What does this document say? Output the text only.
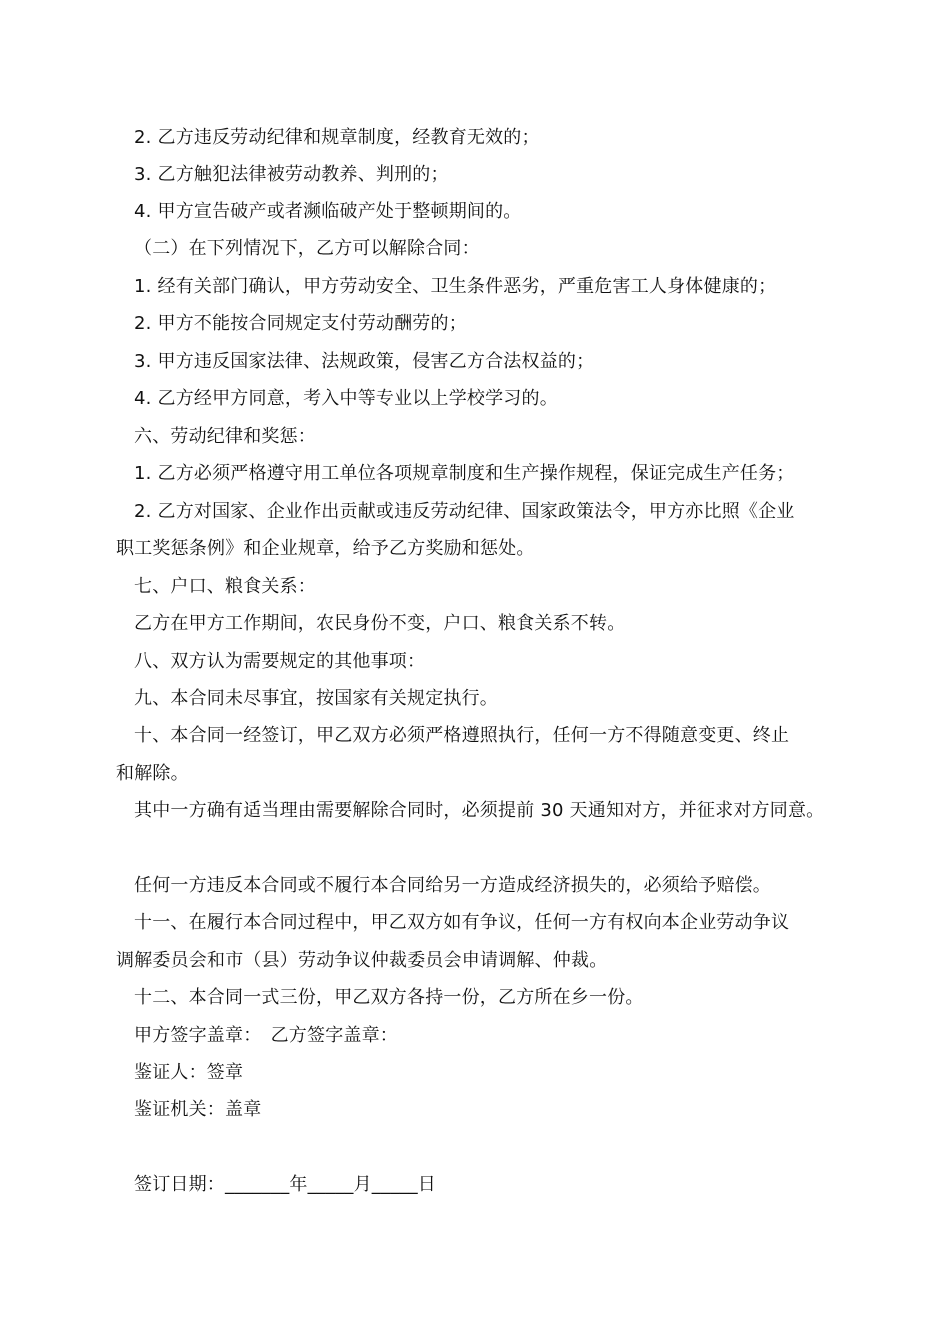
2. 乙方违反劳动纪律和规章制度，经教育无效的；
3. 乙方触犯法律被劳动教养、判刑的；
4. 甲方宣告破产或者濒临破产处于整顿期间的。
（二）在下列情况下，乙方可以解除合同：
1. 经有关部门确认，甲方劳动安全、卫生条件恶劣，严重危害工人身体健康的；
2. 甲方不能按合同规定支付劳动酬劳的；
3. 甲方违反国家法律、法规政策，侵害乙方合法权益的；
4. 乙方经甲方同意，考入中等专业以上学校学习的。
六、劳动纪律和奖惩：
1. 乙方必须严格遵守用工单位各项规章制度和生产操作规程，保证完成生产任务；
2. 乙方对国家、企业作出贡献或违反劳动纪律、国家政策法令，甲方亦比照《企业
职工奖惩条例》和企业规章，给予乙方奖励和惩处。
七、户口、粮食关系：
乙方在甲方工作期间，农民身份不变，户口、粮食关系不转。
八、双方认为需要规定的其他事项：
九、本合同未尽事宜，按国家有关规定执行。
十、本合同一经签订，甲乙双方必须严格遵照执行，任何一方不得随意变更、终止
和解除。
其中一方确有适当理由需要解除合同时，必须提前 30 天通知对方，并征求对方同意。
任何一方违反本合同或不履行本合同给另一方造成经济损失的，必须给予赔偿。
十一、在履行本合同过程中，甲乙双方如有争议，任何一方有权向本企业劳动争议
调解委员会和市（县）劳动争议仲裁委员会申请调解、仲裁。
十二、本合同一式三份，甲乙双方各持一份，乙方所在乡一份。
甲方签字盖章：　乙方签字盖章：
鉴证人：签章
鉴证机关：盖章
签订日期：_______年_____月_____日
